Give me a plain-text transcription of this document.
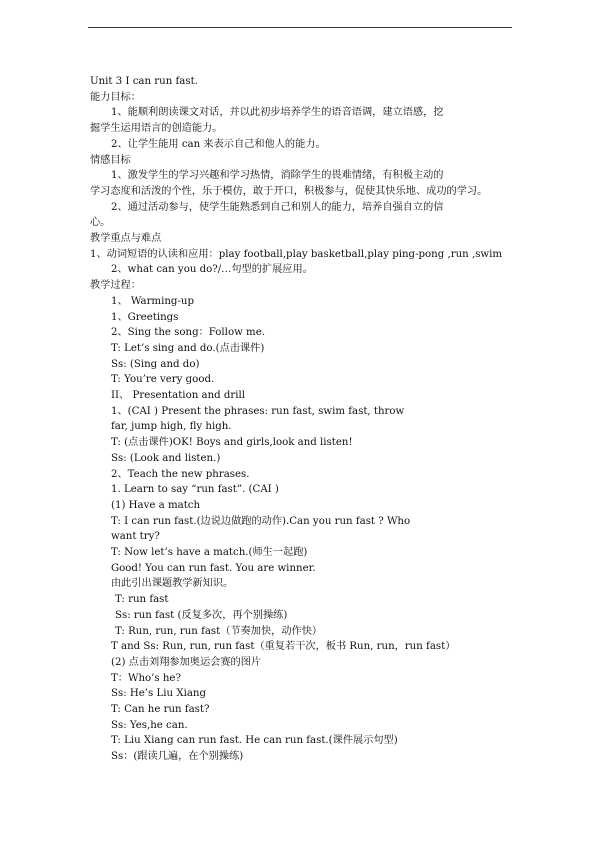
Unit 3 I can run fast.
能力目标：
1、能顺利朗读课文对话，并以此初步培养学生的语音语调，建立语感，挖
掘学生运用语言的创造能力。
2、让学生能用 can 来表示自己和他人的能力。
情感目标
1、激发学生的学习兴趣和学习热情，消除学生的畏难情绪，有积极主动的
学习态度和活泼的个性，乐于模仿，敢于开口，积极参与，促使其快乐地、成功的学习。
2、通过活动参与，使学生能熟悉到自己和别人的能力，培养自强自立的信
心。
教学重点与难点
1、动词短语的认读和应用：play football,play basketball,play ping-pong ,run ,swim
2、what can you do?/…句型的扩展应用。
教学过程：
1、 Warming-up
1、Greetings
2、Sing the song：Follow me.
T: Let’s sing and do.(点击课件)
Ss: (Sing and do)
T: You’re very good.
II、 Presentation and drill
1、(CAI ) Present the phrases: run fast, swim fast, throw
far, jump high, fly high.
T: (点击课件)OK! Boys and girls,look and listen!
Ss: (Look and listen.)
2、Teach the new phrases.
1. Learn to say “run fast”. (CAI )
(1) Have a match
T: I can run fast.(边说边做跑的动作).Can you run fast ? Who
want try?
T: Now let’s have a match.(师生一起跑)
Good! You can run fast. You are winner.
由此引出课题教学新知识。
T: run fast
Ss: run fast (反复多次，再个别操练)
T: Run, run, run fast（节奏加快，动作快）
T and Ss: Run, run, run fast（重复若干次，板书 Run, run，run fast）
(2) 点击刘翔参加奥运会赛的图片
T：Who’s he?
Ss: He’s Liu Xiang
T: Can he run fast?
Ss: Yes,he can.
T: Liu Xiang can run fast. He can run fast.(课件展示句型)
Ss：(跟读几遍，在个别操练)
